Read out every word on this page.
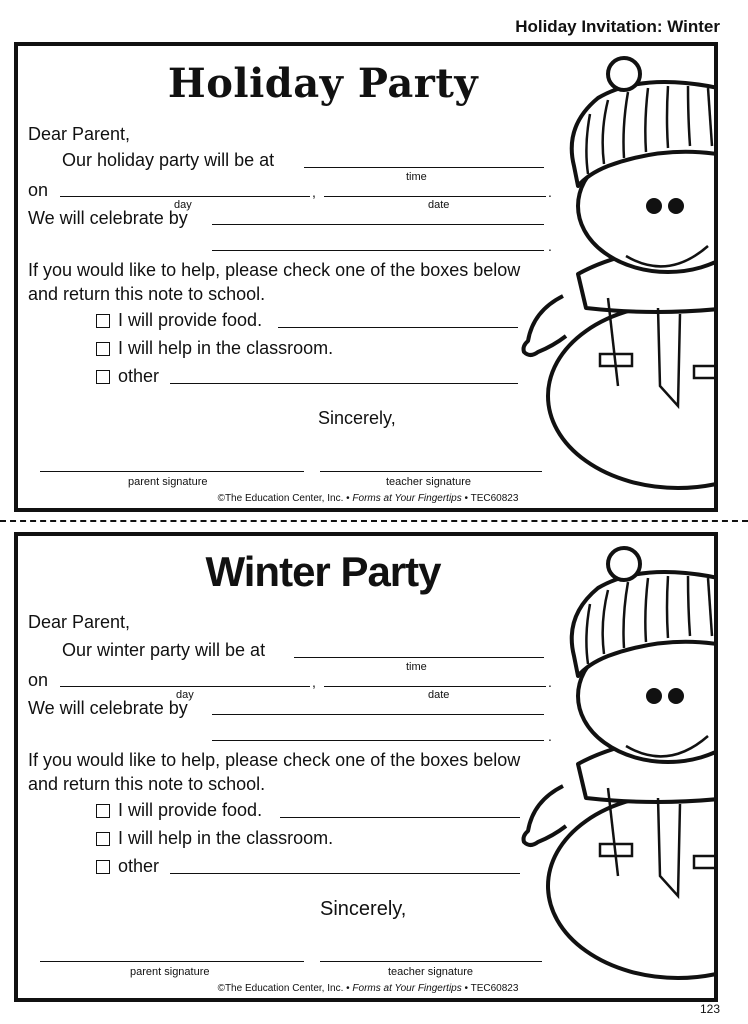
Holiday Invitation: Winter
Holiday Party
Dear Parent,
Our holiday party will be at
time
on	,	.
day	date
We will celebrate by
.
If you would like to help, please check one of the boxes below
and return this note to school.
I will provide food.
I will help in the classroom.
other
Sincerely,
parent signature	teacher signature
©The Education Center, Inc. • Forms at Your Fingertips • TEC60823
Winter Party
Dear Parent,
Our winter party will be at
time
on	,	.
day	date
We will celebrate by
.
If you would like to help, please check one of the boxes below
and return this note to school.
I will provide food.
I will help in the classroom.
other
Sincerely,
parent signature	teacher signature
©The Education Center, Inc. • Forms at Your Fingertips • TEC60823
123
